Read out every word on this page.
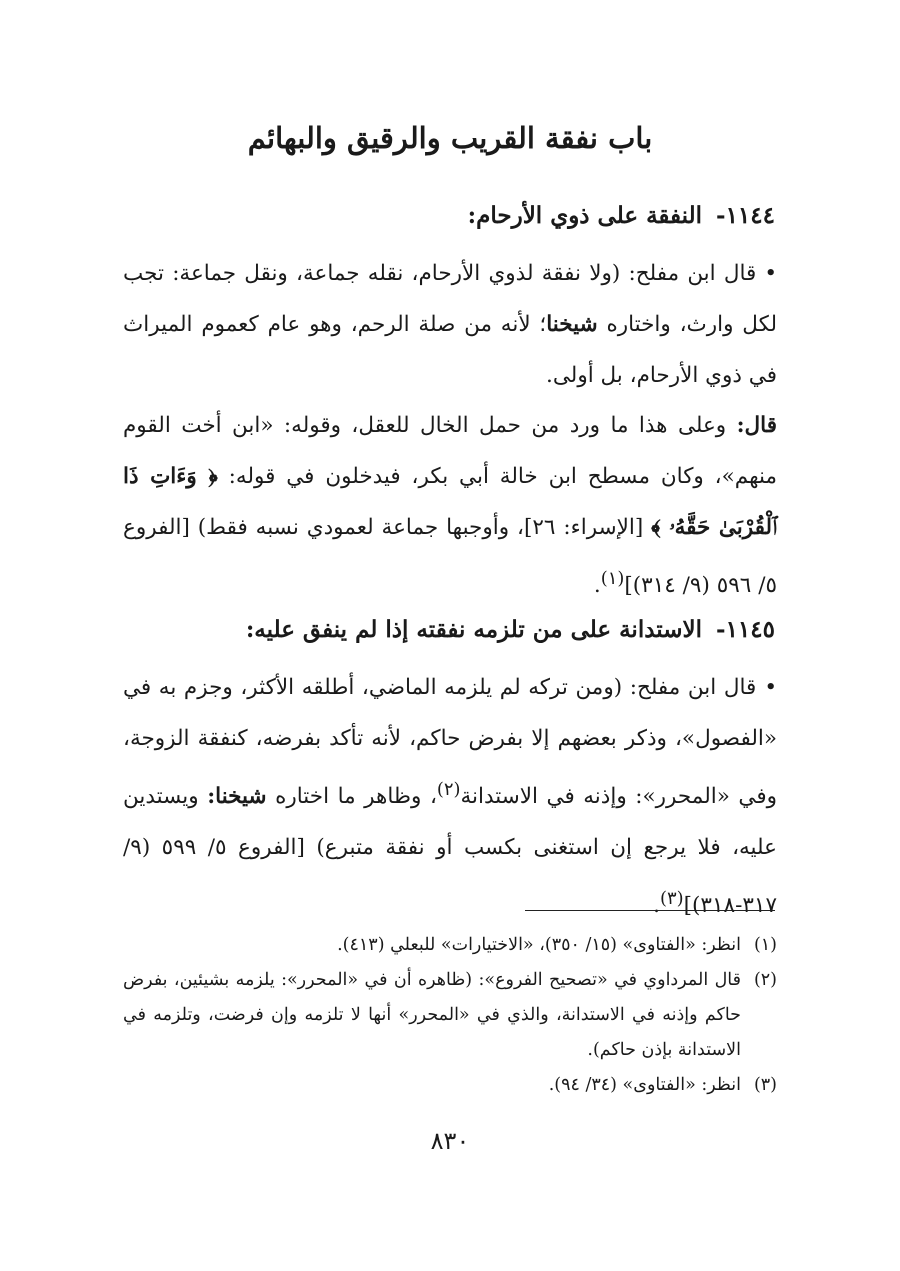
باب نفقة القريب والرقيق والبهائم
١١٤٤-النفقة على ذوي الأرحام:
•قال ابن مفلح: (ولا نفقة لذوي الأرحام، نقله جماعة، ونقل جماعة: تجب لكل وارث، واختاره شيخنا؛ لأنه من صلة الرحم، وهو عام كعموم الميراث في ذوي الأرحام، بل أولى.
قال: وعلى هذا ما ورد من حمل الخال للعقل، وقوله: «ابن أخت القوم منهم»، وكان مسطح ابن خالة أبي بكر، فيدخلون في قوله: ﴿ وَءَاتِ ذَا ٱلْقُرْبَىٰ حَقَّهُۥ ﴾ [الإسراء: ٢٦]، وأوجبها جماعة لعمودي نسبه فقط) [الفروع ٥/ ٥٩٦ (٩/ ٣١٤)]$^{(١)}$.
١١٤٥-الاستدانة على من تلزمه نفقته إذا لم ينفق عليه:
•قال ابن مفلح: (ومن تركه لم يلزمه الماضي، أطلقه الأكثر، وجزم به في «الفصول»، وذكر بعضهم إلا بفرض حاكم، لأنه تأكد بفرضه، كنفقة الزوجة، وفي «المحرر»: وإذنه في الاستدانة$^{(٢)}$، وظاهر ما اختاره شيخنا: ويستدين عليه، فلا يرجع إن استغنى بكسب أو نفقة متبرع) [الفروع ٥/ ٥٩٩ (٩/ ٣١٧-٣١٨)]$^{(٣)}$.
(١)
انظر: «الفتاوى» (١٥/ ٣٥٠)، «الاختيارات» للبعلي (٤١٣).
(٢)
قال المرداوي في «تصحيح الفروع»: (ظاهره أن في «المحرر»: يلزمه بشيئين، بفرض حاكم وإذنه في الاستدانة، والذي في «المحرر» أنها لا تلزمه وإن فرضت، وتلزمه في الاستدانة بإذن حاكم).
(٣)
انظر: «الفتاوى» (٣٤/ ٩٤).
٨٣٠
